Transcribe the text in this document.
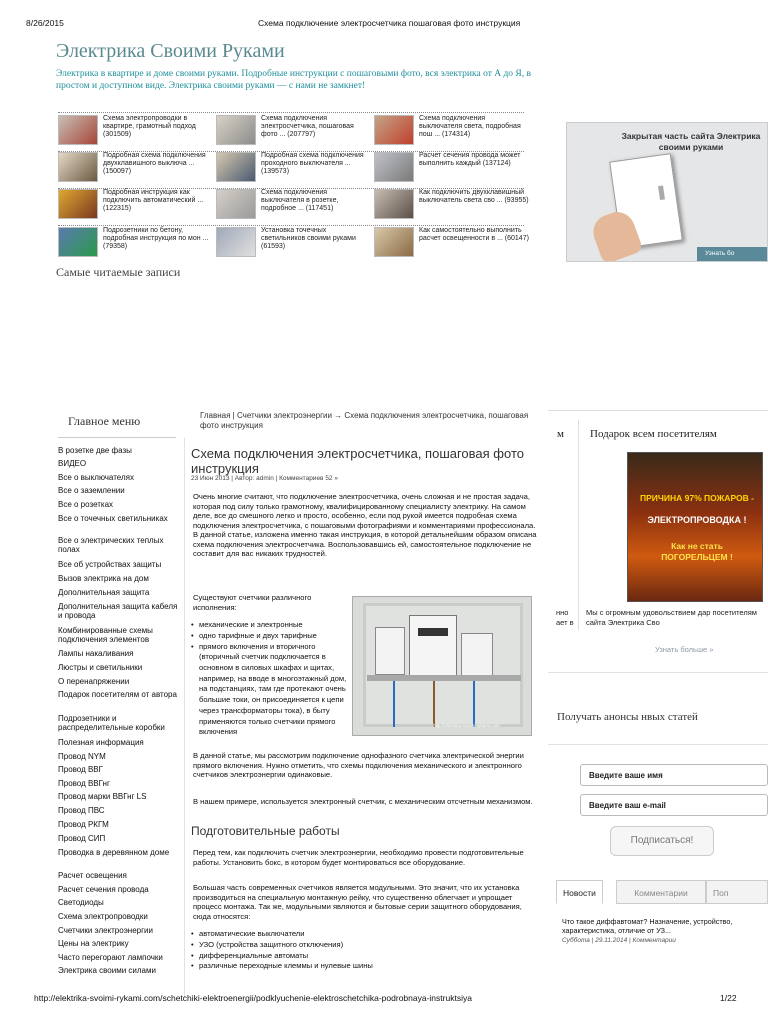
8/26/2015	Схема подключение электросчетчика пошаговая фото инструкция
Электрика Своими Руками
Электрика в квартире и доме своими руками. Подробные инструкции с пошаговыми фото, вся электрика от А до Я, в простом и доступном виде. Электрика своими руками — с нами не замкнет!
Схема электропроводки в квартире, грамотный подход (301509)
Схема подключения электросчетчика, пошаговая фото ... (207797)
Схема подключения выключателя света, подробная пош ... (174314)
Подробная схема подключения двухклавишного выключа ... (150097)
Подробная схема подключения проходного выключателя ... (139573)
Расчет сечения провода может выполнить каждый (137124)
Подробная инструкция как подключить автоматический ... (122315)
Схема подключения выключателя в розетке, подробное ... (117451)
Как подключить двухклавишный выключатель света сво ... (93955)
Подрозетники по бетону, подробная инструкция по мон ... (79358)
Установка точечных светильников своими руками (61593)
Как самостоятельно выполнить расчет освещенности в ... (60147)
Самые читаемые записи
Закрытая часть сайта Электрика своими руками
Узнать бо
Главное меню
В розетке две фазы
ВИДЕО
Все о выключателях
Все о заземлении
Все о розетках
Все о точечных светильниках
Все о электрических теплых полах
Все об устройствах защиты
Вызов электрика на дом
Дополнительная защита
Дополнительная защита кабеля и провода
Комбинированные схемы подключения элементов
Лампы накаливания
Люстры и светильники
О перенапряжении
Подарок посетителям от автора
Подрозетники и распределительные коробки
Полезная информация
Провод NYM
Провод ВВГ
Провод ВВГнг
Провод марки ВВГнг LS
Провод ПВС
Провод РКГМ
Провод СИП
Проводка в деревянном доме
Расчет освещения
Расчет сечения провода
Светодиоды
Схема электропроводки
Счетчики электроэнергии
Цены на электрику
Часто перегорают лампочки
Электрика своими силами
Главная | Счетчики электроэнергии → Схема подключения электросчетчика, пошаговая фото инструкция
Схема подключения электросчетчика, пошаговая фото инструкция
23 Июн 2013 | Автор: admin | Комментариев 52 »
Очень многие считают, что подключение электросчетчика, очень сложная и не простая задача, которая под силу только грамотному, квалифицированному специалисту электрику. На самом деле, все до смешного легко и просто, особенно, если под рукой имеется подробная схема подключения электросчетчика, с пошаговыми фотографиями и комментариями профессионала. В данной статье, изложена именно такая инструкция, в которой детальнейшим образом описана схема подключения электросчетчика. Воспользовавшись ей, самостоятельное подключение не составит для вас никаких трудностей.
Существуют счетчики различного исполнения:
• механические и электронные
• одно тарифные и двух тарифные
• прямого включения и вторичного (вторичный счетчик подключается в основном в силовых шкафах и щитах, например, на вводе в многоэтажный дом, на подстанциях, там где протекают очень большие токи, он присоединяется к цепи через трансформаторы тока), в быту применяются только счетчики прямого включения
http://elektrika-svoimi-rykami.com
В данной статье, мы рассмотрим подключение однофазного счетчика электрической энергии прямого включения. Нужно отметить, что схемы подключения механического и электронного счетчиков электроэнергии одинаковые.
В нашем примере, используется электронный счетчик, с механическим отсчетным механизмом.
Подготовительные работы
Перед тем, как подключить счетчик электроэнергии, необходимо провести подготовительные работы. Установить бокс, в котором будет монтироваться все оборудование.
Большая часть современных счетчиков является модульными. Это значит, что их установка производиться на специальную монтажную рейку, что существенно облегчает и упрощает процесс монтажа. Так же, модульными являются и бытовые серии защитного оборудования, сюда относятся:
• автоматические выключатели
• УЗО (устройства защитного отключения)
• дифференциальные автоматы
• различные переходные клеммы и нулевые шины
м Подарок всем посетителям
ПРИЧИНА 97% ПОЖАРОВ -
ЭЛЕКТРОПРОВОДКА !
Как не стать ПОГОРЕЛЬЦЕМ !
нно
ает в
Мы с огромным удовольствием дар посетителям сайта Электрика Сво
Узнать больше »
Получать анонсы нвых статей
Введите ваше имя
Введите ваш e-mail
Подписаться!
Новости	Комментарии	Поп
Что такое диффавтомат? Назначение, устройство, характеристика, отличие от УЗ...
Суббота | 29.11.2014 | Комментарии
http://elektrika-svoimi-rykami.com/schetchiki-elektroenergii/podklyuchenie-elektroschetchika-podrobnaya-instruktsiya	1/22
